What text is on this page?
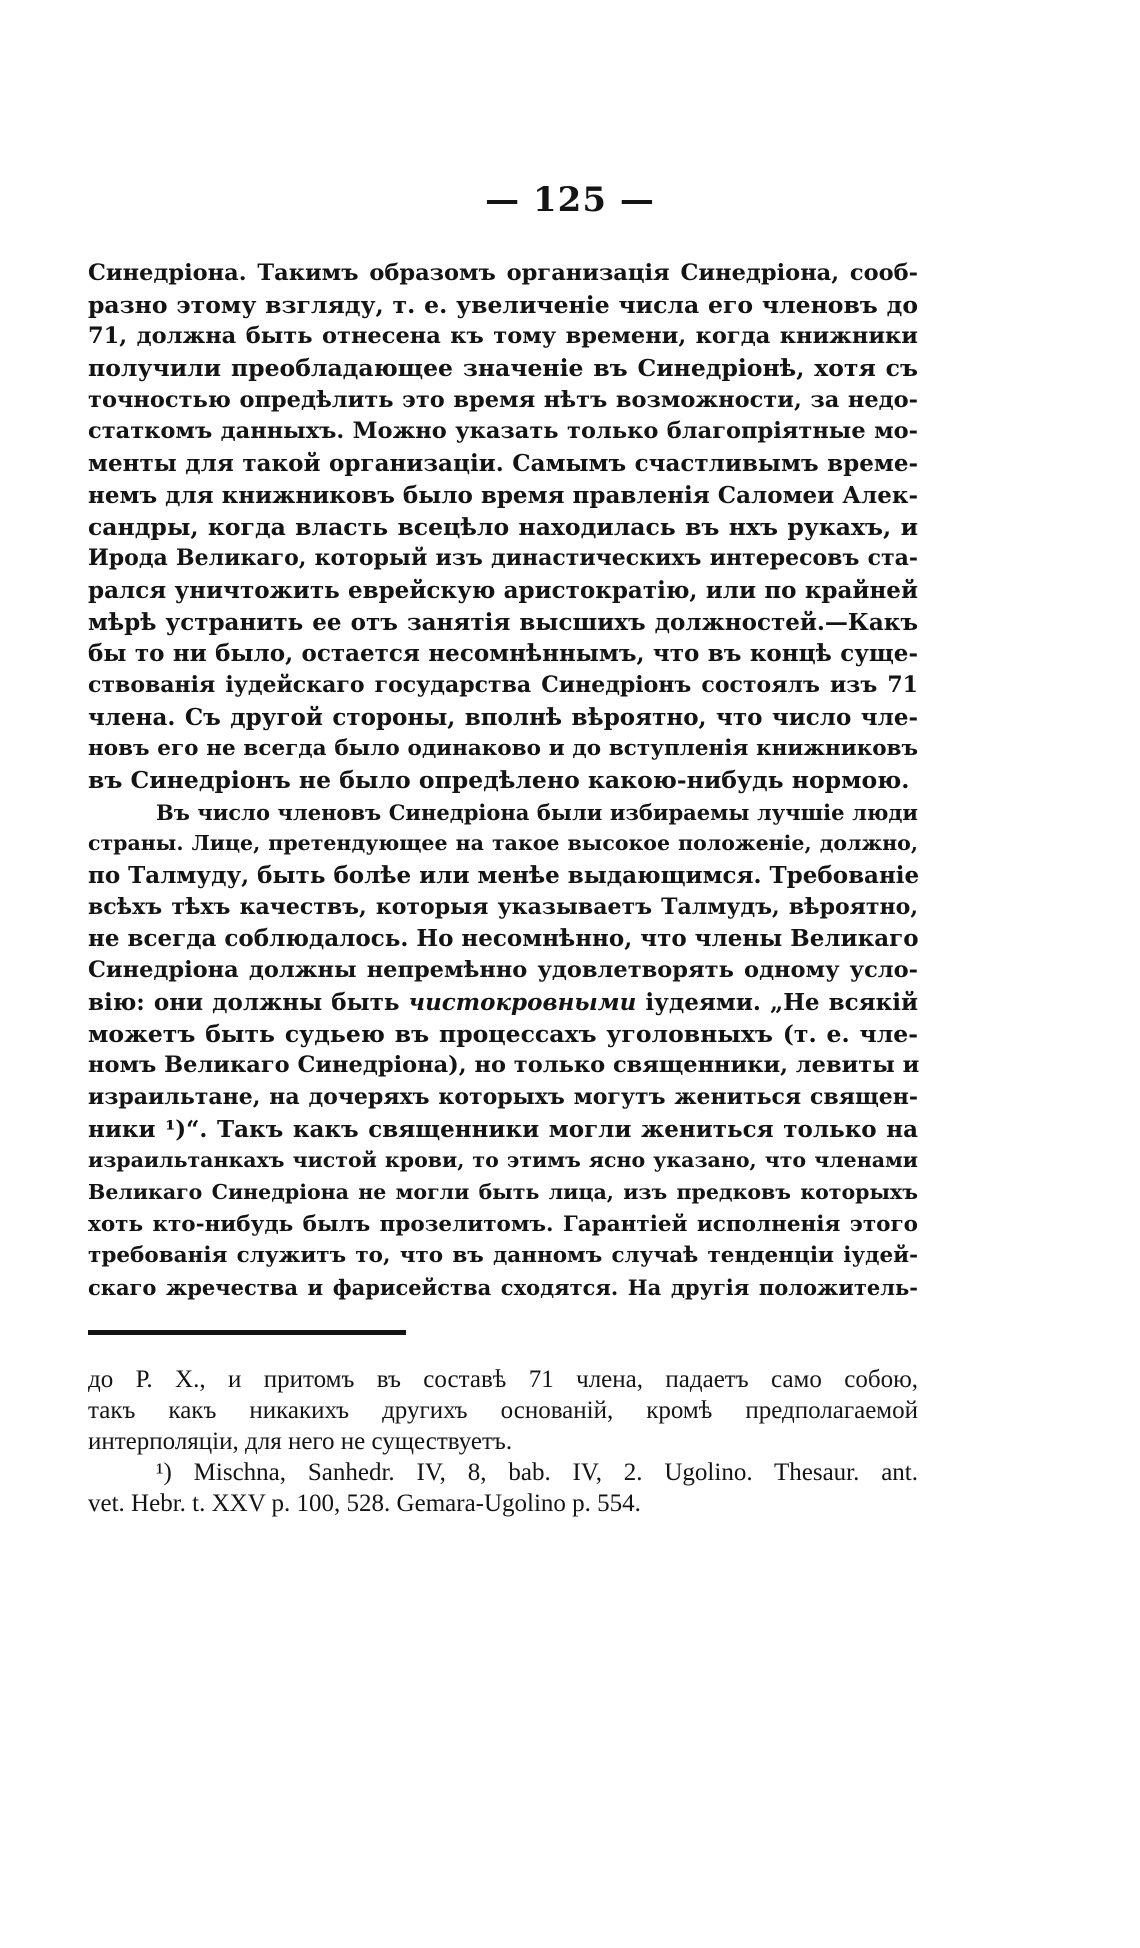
— 125 —
Синедріона. Такимъ образомъ организація Синедріона, сооб-
разно этому взгляду, т. е. увеличеніе числа его членовъ до
71, должна быть отнесена къ тому времени, когда книжники
получили преобладающее значеніе въ Синедріонѣ, хотя съ
точностью опредѣлить это время нѣтъ возможности, за недо-
статкомъ данныхъ. Можно указать только благопріятные мо-
менты для такой организаціи. Самымъ счастливымъ време-
немъ для книжниковъ было время правленія Саломеи Алек-
сандры, когда власть всецѣло находилась въ нхъ рукахъ, и
Ирода Великаго, который изъ династическихъ интересовъ ста-
рался уничтожить еврейскую аристократію, или по крайней
мѣрѣ устранить ее отъ занятія высшихъ должностей.—Какъ
бы то ни было, остается несомнѣннымъ, что въ концѣ суще-
ствованія іудейскаго государства Синедріонъ состоялъ изъ 71
члена. Съ другой стороны, вполнѣ вѣроятно, что число чле-
новъ его не всегда было одинаково и до вступленія книжниковъ
въ Синедріонъ не было опредѣлено какою-нибудь нормою.
Въ число членовъ Синедріона были избираемы лучшіе люди
страны. Лице, претендующее на такое высокое положеніе, должно,
по Талмуду, быть болѣе или менѣе выдающимся. Требованіе
всѣхъ тѣхъ качествъ, которыя указываетъ Талмудъ, вѣроятно,
не всегда соблюдалось. Но несомнѣнно, что члены Великаго
Синедріона должны непремѣнно удовлетворять одному усло-
вію: они должны быть чистокровными іудеями. „Не всякій
можетъ быть судьею въ процессахъ уголовныхъ (т. е. чле-
номъ Великаго Синедріона), но только священники, левиты и
израильтане, на дочеряхъ которыхъ могутъ жениться священ-
ники ¹)“. Такъ какъ священники могли жениться только на
израильтанкахъ чистой крови, то этимъ ясно указано, что членами
Великаго Синедріона не могли быть лица, изъ предковъ которыхъ
хоть кто-нибудь былъ прозелитомъ. Гарантіей исполненія этого
требованія служитъ то, что въ данномъ случаѣ тенденціи іудей-
скаго жречества и фарисейства сходятся. На другія положитель-
до Р. Х., и притомъ въ составѣ 71 члена, падаетъ само собою,
такъ какъ никакихъ другихъ основаній, кромѣ предполагаемой
интерполяціи, для него не существуетъ.
¹) Mischna, Sanhedr. IV, 8, bab. IV, 2. Ugolino. Thesaur. ant.
vet. Hebr. t. XXV p. 100, 528. Gemara-Ugolino p. 554.
